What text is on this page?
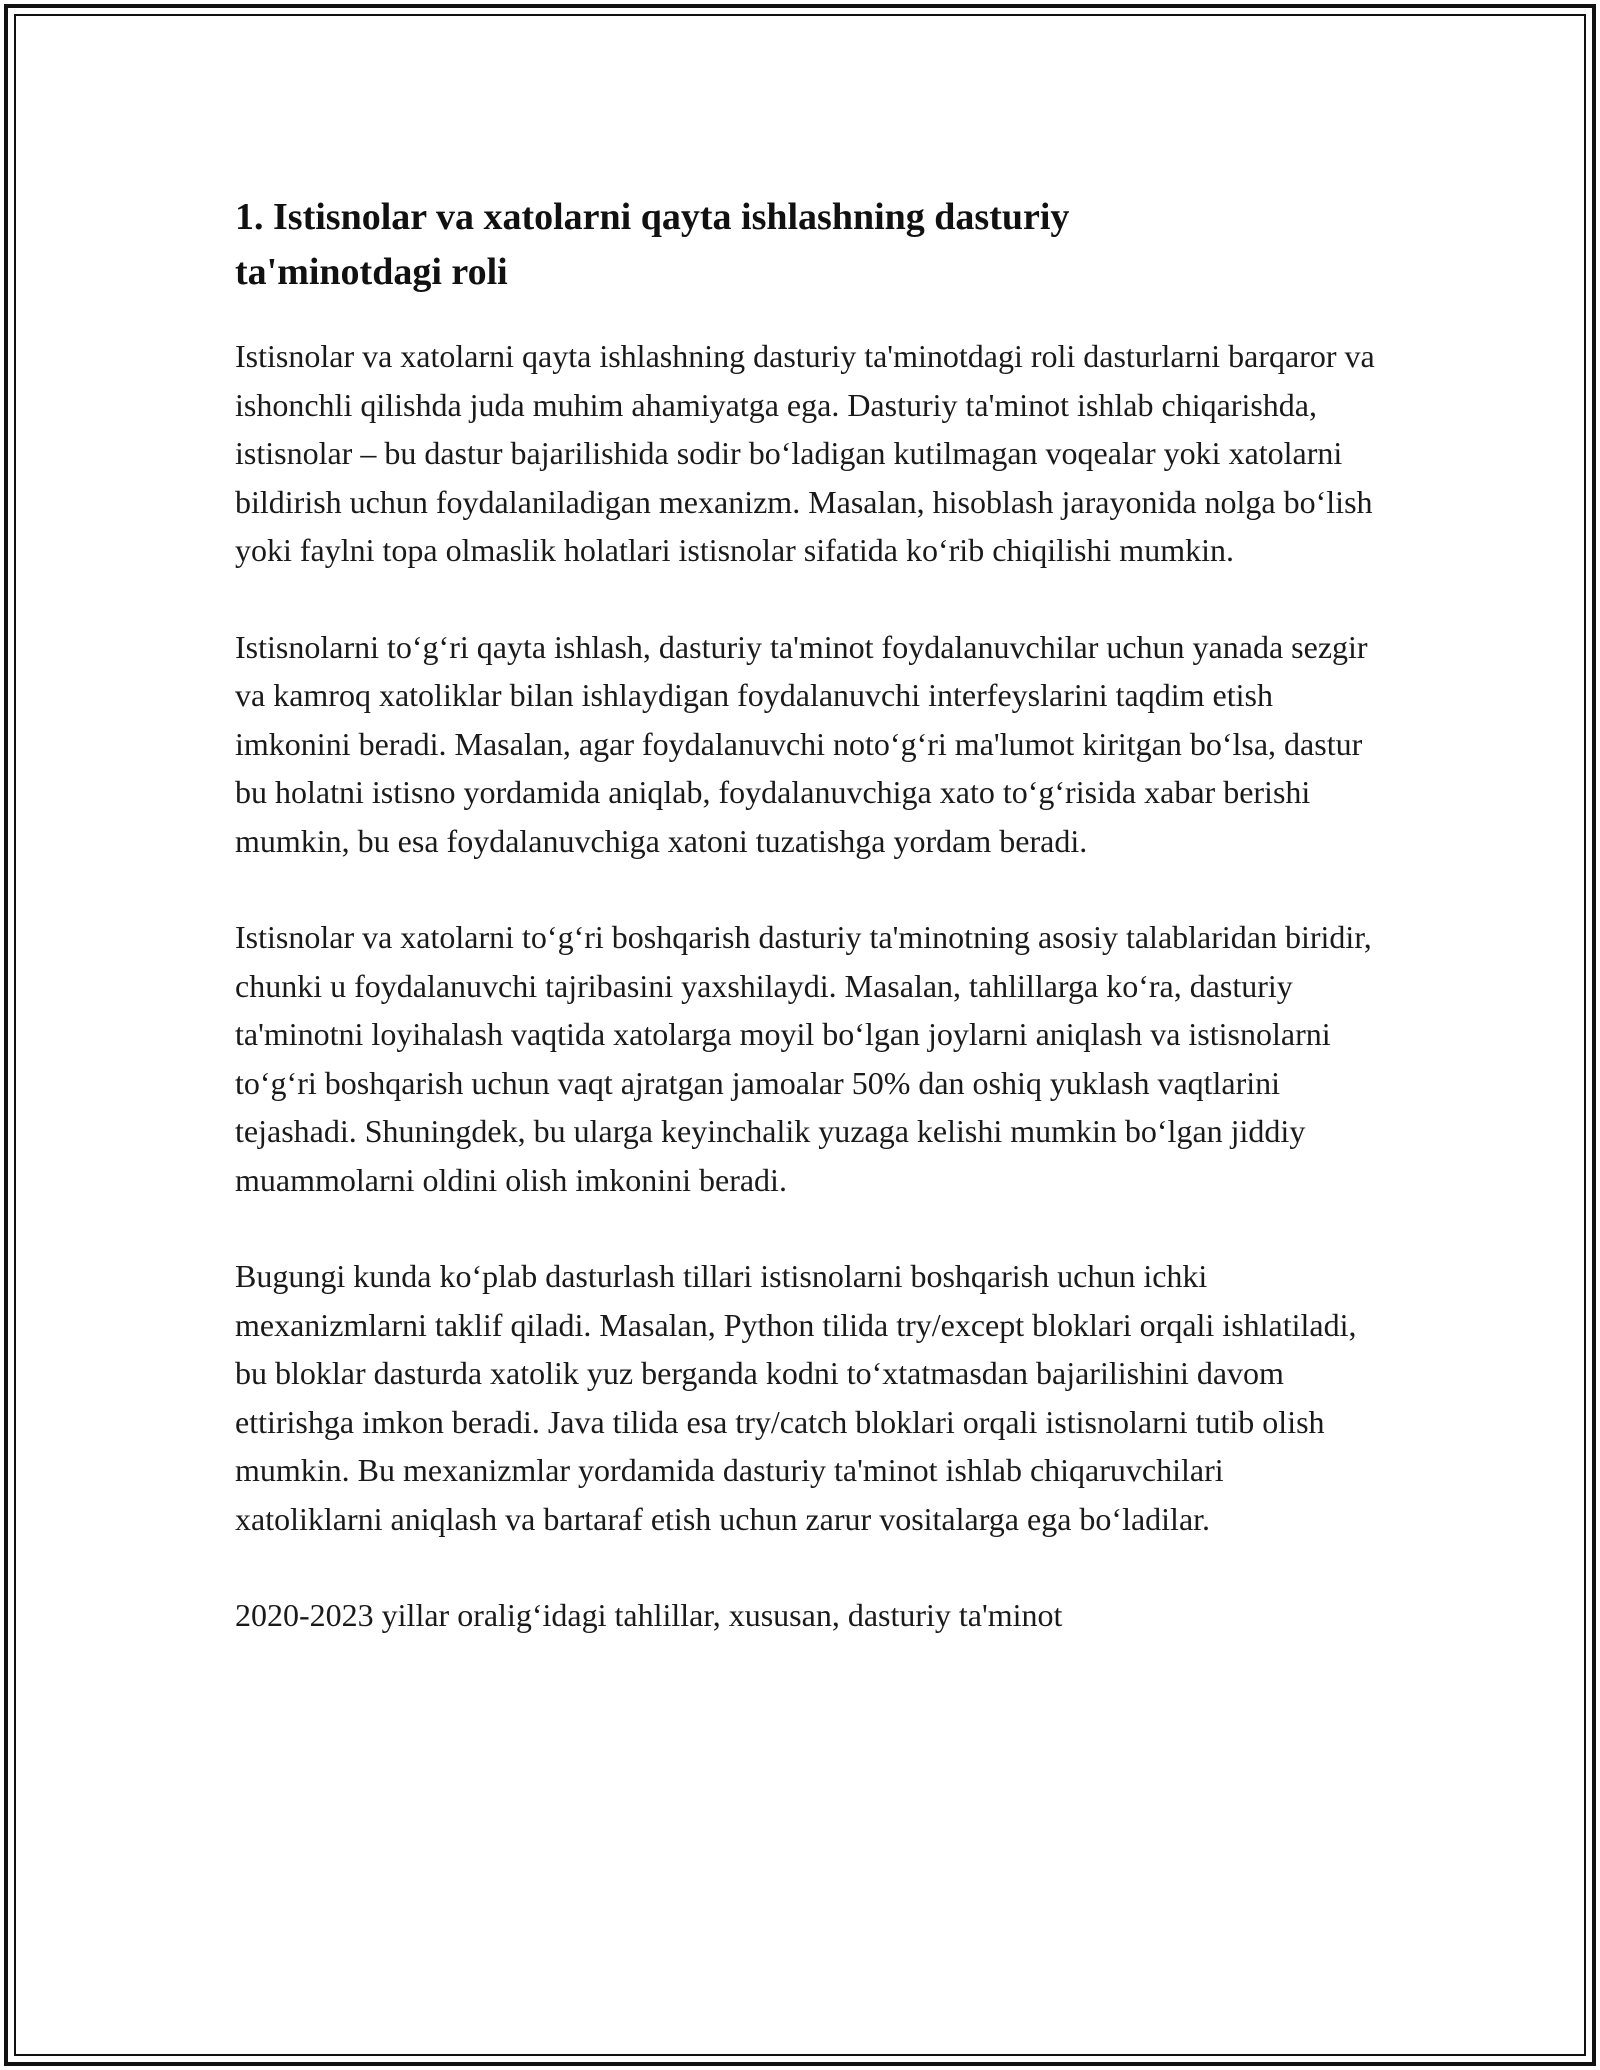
1. Istisnolar va xatolarni qayta ishlashning dasturiy
ta'minotdagi roli

Istisnolar va xatolarni qayta ishlashning dasturiy ta'minotdagi roli dasturlarni barqaror va ishonchli qilishda juda muhim ahamiyatga ega. Dasturiy ta'minot ishlab chiqarishda, istisnolar – bu dastur bajarilishida sodir bo‘ladigan kutilmagan voqealar yoki xatolarni bildirish uchun foydalaniladigan mexanizm. Masalan, hisoblash jarayonida nolga bo‘lish yoki faylni topa olmaslik holatlari istisnolar sifatida ko‘rib chiqilishi mumkin.

Istisnolarni to‘g‘ri qayta ishlash, dasturiy ta'minot foydalanuvchilar uchun yanada sezgir va kamroq xatoliklar bilan ishlaydigan foydalanuvchi interfeyslarini taqdim etish imkonini beradi. Masalan, agar foydalanuvchi noto‘g‘ri ma'lumot kiritgan bo‘lsa, dastur bu holatni istisno yordamida aniqlab, foydalanuvchiga xato to‘g‘risida xabar berishi mumkin, bu esa foydalanuvchiga xatoni tuzatishga yordam beradi.

Istisnolar va xatolarni to‘g‘ri boshqarish dasturiy ta'minotning asosiy talablaridan biridir, chunki u foydalanuvchi tajribasini yaxshilaydi. Masalan, tahlillarga ko‘ra, dasturiy ta'minotni loyihalash vaqtida xatolarga moyil bo‘lgan joylarni aniqlash va istisnolarni to‘g‘ri boshqarish uchun vaqt ajratgan jamoalar 50% dan oshiq yuklash vaqtlarini tejashadi. Shuningdek, bu ularga keyinchalik yuzaga kelishi mumkin bo‘lgan jiddiy muammolarni oldini olish imkonini beradi.

Bugungi kunda ko‘plab dasturlash tillari istisnolarni boshqarish uchun ichki mexanizmlarni taklif qiladi. Masalan, Python tilida try/except bloklari orqali ishlatiladi, bu bloklar dasturda xatolik yuz berganda kodni to‘xtatmasdan bajarilishini davom ettirishga imkon beradi. Java tilida esa try/catch bloklari orqali istisnolarni tutib olish mumkin. Bu mexanizmlar yordamida dasturiy ta'minot ishlab chiqaruvchilari xatoliklarni aniqlash va bartaraf etish uchun zarur vositalarga ega bo‘ladilar.

2020-2023 yillar oralig‘idagi tahlillar, xususan, dasturiy ta'minot
